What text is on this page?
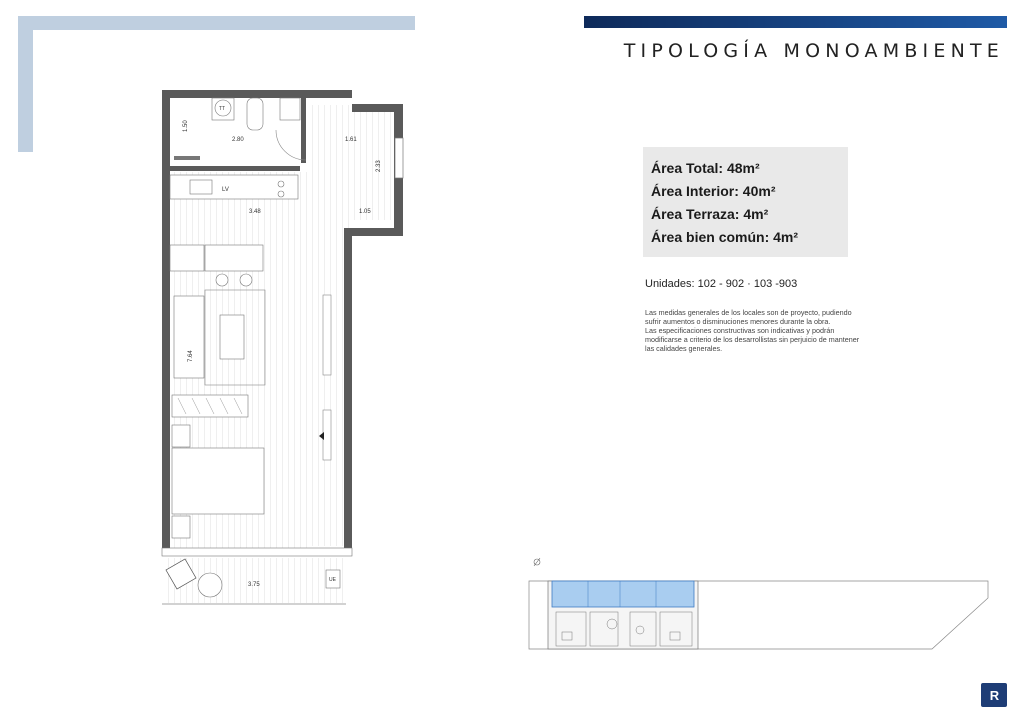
TIPOLOGÍA MONOAMBIENTE
Área Total: 48m²
Área Interior: 40m²
Área Terraza: 4m²
Área bien común: 4m²
Unidades: 102 - 902 · 103 -903

Las medidas generales de los locales son de proyecto, pudiendo sufrir aumentos o disminuciones menores durante la obra.

Las especificaciones constructivas son indicativas y podrán modificarse a criterio de los desarrollistas sin perjuicio de mantener las calidades generales.

1.50
2.80	1.61
2.33
3.48	1.05
7.64
3.75
LV
TT
UE
R
